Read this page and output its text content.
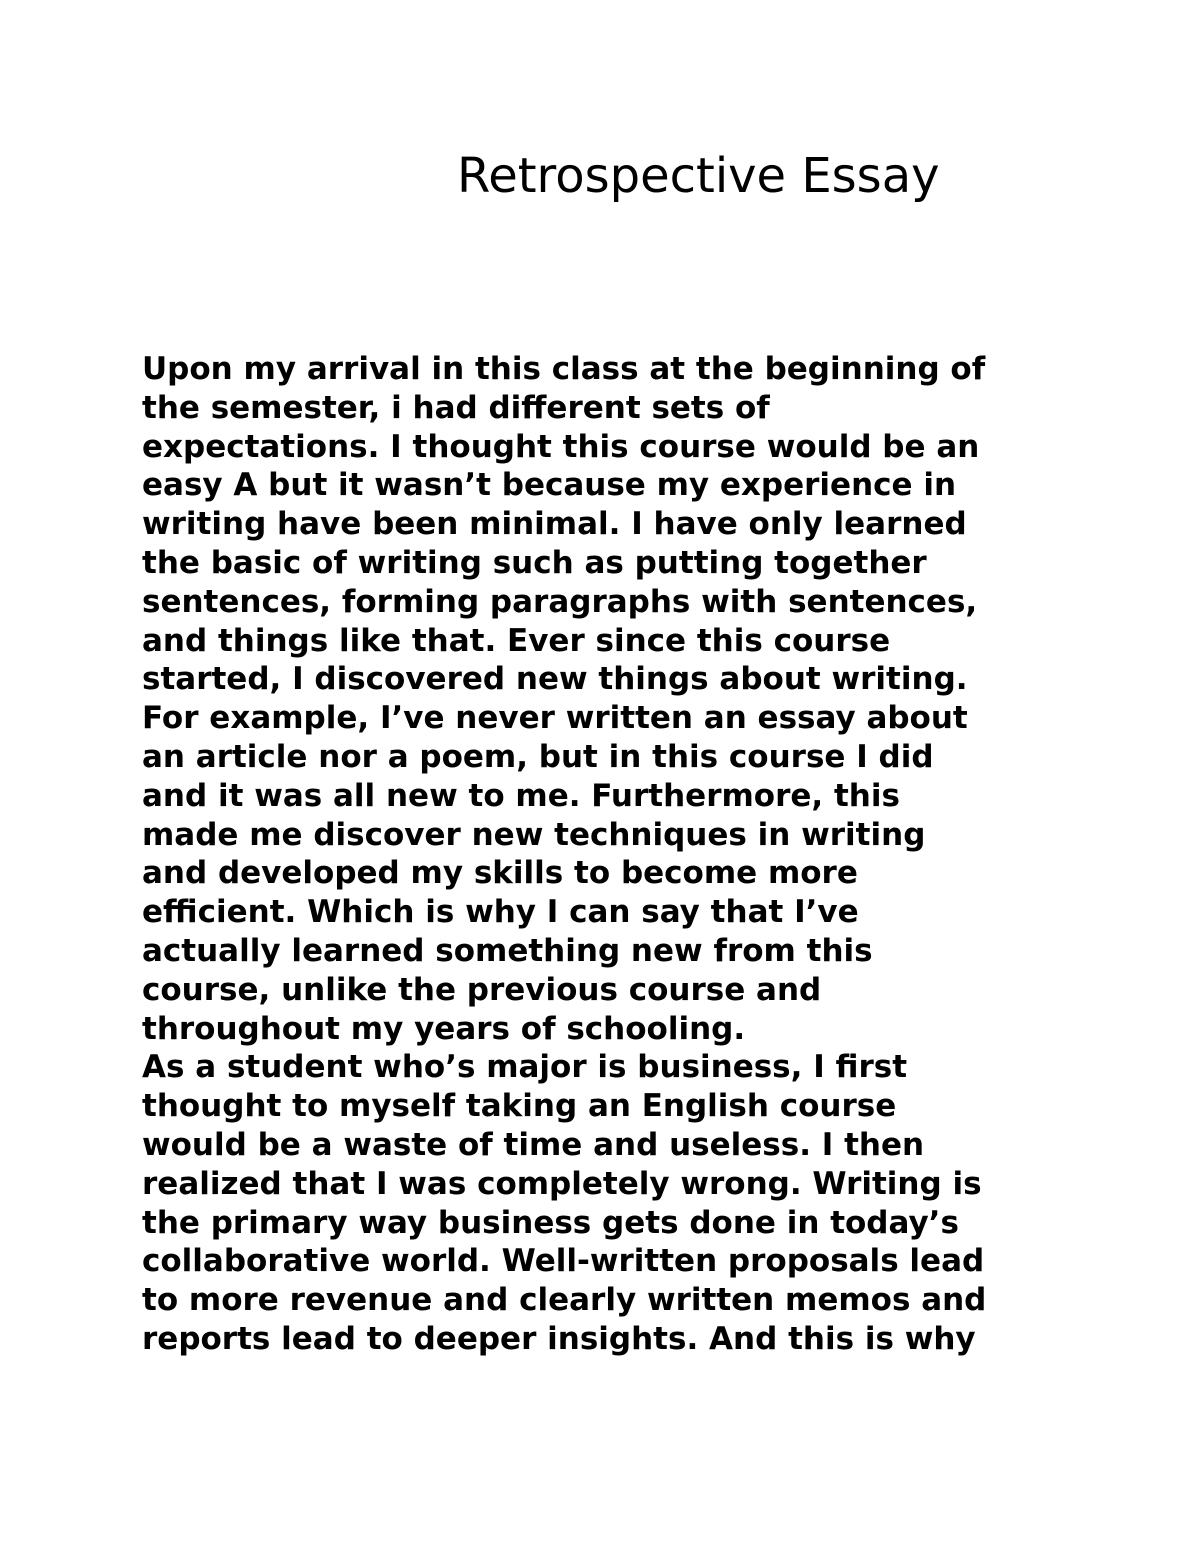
Retrospective Essay
Upon my arrival in this class at the beginning of
the semester, i had different sets of
expectations. I thought this course would be an
easy A but it wasn’t because my experience in
writing have been minimal. I have only learned
the basic of writing such as putting together
sentences, forming paragraphs with sentences,
and things like that. Ever since this course
started, I discovered new things about writing.
For example, I’ve never written an essay about
an article nor a poem, but in this course I did
and it was all new to me. Furthermore, this
made me discover new techniques in writing
and developed my skills to become more
efficient. Which is why I can say that I’ve
actually learned something new from this
course, unlike the previous course and
throughout my years of schooling.
As a student who’s major is business, I first
thought to myself taking an English course
would be a waste of time and useless. I then
realized that I was completely wrong. Writing is
the primary way business gets done in today’s
collaborative world. Well-written proposals lead
to more revenue and clearly written memos and
reports lead to deeper insights. And this is why
